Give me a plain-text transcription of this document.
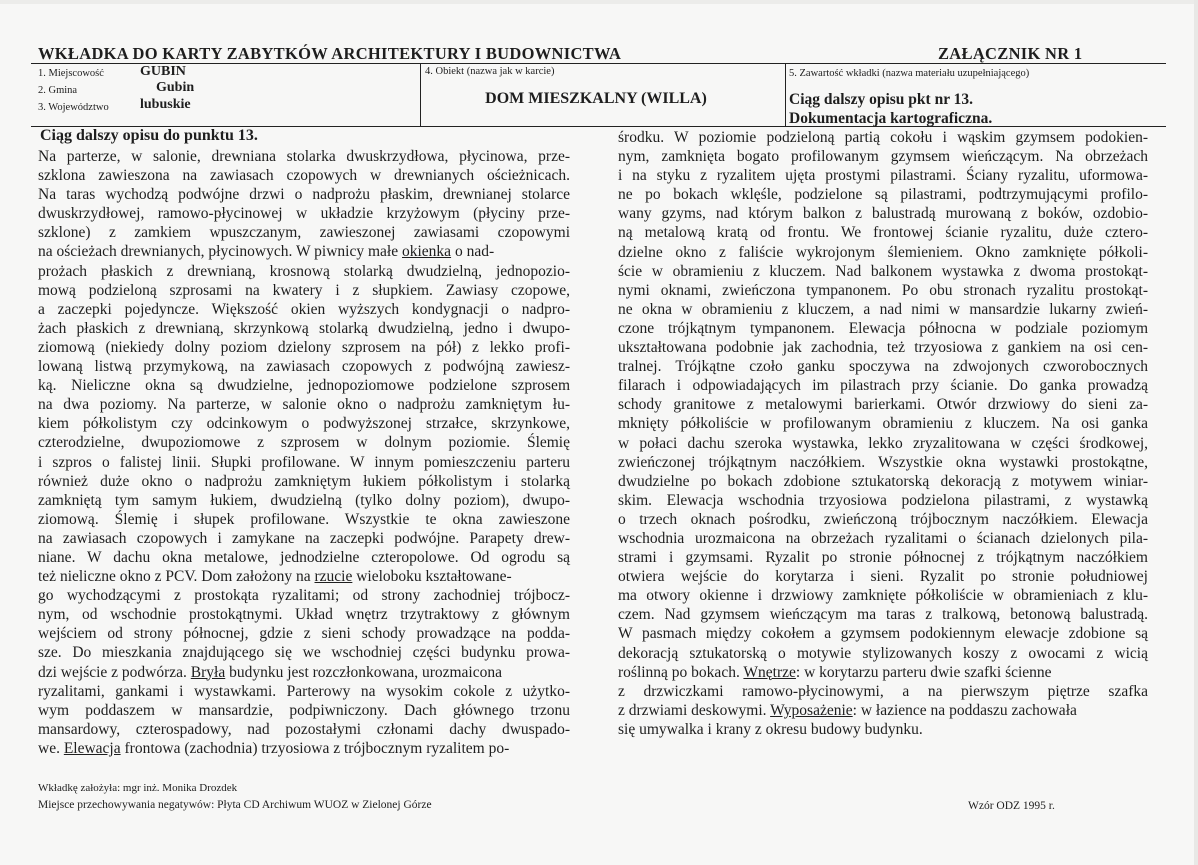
WKŁADKA DO KARTY ZABYTKÓW ARCHITEKTURY I BUDOWNICTWA	ZAŁĄCZNIK NR 1
1. Miejscowość	GUBIN
2. Gmina	Gubin
3. Województwo lubuskie
4. Obiekt (nazwa jak w karcie)
DOM MIESZKALNY (WILLA)
5. Zawartość wkładki (nazwa materiału uzupełniającego)
Ciąg dalszy opisu pkt nr 13.
Dokumentacja kartograficzna.
Ciąg dalszy opisu do punktu 13.
Na parterze, w salonie, drewniana stolarka dwuskrzydłowa, płycinowa, prze-
szklona zawieszona na zawiasach czopowych w drewnianych ościeżnicach.
Na taras wychodzą podwójne drzwi o nadprożu płaskim, drewnianej stolarce
dwuskrzydłowej, ramowo-płycinowej w układzie krzyżowym (płyciny prze-
szklone) z zamkiem wpuszczanym, zawieszonej zawiasami czopowymi
na ościeżach drewnianych, płycinowych. W piwnicy małe okienka o nad-
prożach płaskich z drewnianą, krosnową stolarką dwudzielną, jednopozio-
mową podzieloną szprosami na kwatery i z słupkiem. Zawiasy czopowe,
a zaczepki pojedyncze. Większość okien wyższych kondygnacji o nadpro-
żach płaskich z drewnianą, skrzynkową stolarką dwudzielną, jedno i dwupo-
ziomową (niekiedy dolny poziom dzielony szprosem na pół) z lekko profi-
lowaną listwą przymykową, na zawiasach czopowych z podwójną zawiesz-
ką. Nieliczne okna są dwudzielne, jednopoziomowe podzielone szprosem
na dwa poziomy. Na parterze, w salonie okno o nadprożu zamkniętym łu-
kiem półkolistym czy odcinkowym o podwyższonej strzałce, skrzynkowe,
czterodzielne, dwupoziomowe z szprosem w dolnym poziomie. Ślemię
i szpros o falistej linii. Słupki profilowane. W innym pomieszczeniu parteru
również duże okno o nadprożu zamkniętym łukiem półkolistym i stolarką
zamkniętą tym samym łukiem, dwudzielną (tylko dolny poziom), dwupo-
ziomową. Ślemię i słupek profilowane. Wszystkie te okna zawieszone
na zawiasach czopowych i zamykane na zaczepki podwójne. Parapety drew-
niane. W dachu okna metalowe, jednodzielne czteropolowe. Od ogrodu są
też nieliczne okno z PCV. Dom założony na rzucie wieloboku kształtowane-
go wychodzącymi z prostokąta ryzalitami; od strony zachodniej trójbocz-
nym, od wschodnie prostokątnymi. Układ wnętrz trzytraktowy z głównym
wejściem od strony północnej, gdzie z sieni schody prowadzące na podda-
sze. Do mieszkania znajdującego się we wschodniej części budynku prowa-
dzi wejście z podwórza. Bryła budynku jest rozczłonkowana, urozmaicona
ryzalitami, gankami i wystawkami. Parterowy na wysokim cokole z użytko-
wym poddaszem w mansardzie, podpiwniczony. Dach głównego trzonu
mansardowy, czterospadowy, nad pozostałymi członami dachy dwuspado-
we. Elewacja frontowa (zachodnia) trzyosiowa z trójbocznym ryzalitem po-
Wkładkę założyła: mgr inż. Monika Drozdek
środku. W poziomie podzieloną partią cokołu i wąskim gzymsem podokien-
nym, zamknięta bogato profilowanym gzymsem wieńczącym. Na obrzeżach
i na styku z ryzalitem ujęta prostymi pilastrami. Ściany ryzalitu, uformowa-
ne po bokach wklęśle, podzielone są pilastrami, podtrzymującymi profilo-
wany gzyms, nad którym balkon z balustradą murowaną z boków, ozdobio-
ną metalową kratą od frontu. We frontowej ścianie ryzalitu, duże cztero-
dzielne okno z faliście wykrojonym ślemieniem. Okno zamknięte półkoli-
ście w obramieniu z kluczem. Nad balkonem wystawka z dwoma prostokąt-
nymi oknami, zwieńczona tympanonem. Po obu stronach ryzalitu prostokąt-
ne okna w obramieniu z kluczem, a nad nimi w mansardzie lukarny zwień-
czone trójkątnym tympanonem. Elewacja północna w podziale poziomym
ukształtowana podobnie jak zachodnia, też trzyosiowa z gankiem na osi cen-
tralnej. Trójkątne czoło ganku spoczywa na zdwojonych czworobocznych
filarach i odpowiadających im pilastrach przy ścianie. Do ganka prowadzą
schody granitowe z metalowymi barierkami. Otwór drzwiowy do sieni za-
mknięty półkoliście w profilowanym obramieniu z kluczem. Na osi ganka
w połaci dachu szeroka wystawka, lekko zryzalitowana w części środkowej,
zwieńczonej trójkątnym naczółkiem. Wszystkie okna wystawki prostokątne,
dwudzielne po bokach zdobione sztukatorską dekoracją z motywem winiar-
skim. Elewacja wschodnia trzyosiowa podzielona pilastrami, z wystawką
o trzech oknach pośrodku, zwieńczoną trójbocznym naczółkiem. Elewacja
wschodnia urozmaicona na obrzeżach ryzalitami o ścianach dzielonych pila-
strami i gzymsami. Ryzalit po stronie północnej z trójkątnym naczółkiem
otwiera wejście do korytarza i sieni. Ryzalit po stronie południowej
ma otwory okienne i drzwiowy zamknięte półkoliście w obramieniach z klu-
czem. Nad gzymsem wieńczącym ma taras z tralkową, betonową balustradą.
W pasmach między cokołem a gzymsem podokiennym elewacje zdobione są
dekoracją sztukatorską o motywie stylizowanych koszy z owocami z wicią
roślinną po bokach. Wnętrze: w korytarzu parteru dwie szafki ścienne
z drzwiczkami ramowo-płycinowymi, a na pierwszym piętrze szafka
z drzwiami deskowymi. Wyposażenie: w łazience na poddaszu zachowała
się umywalka i krany z okresu budowy budynku.
Miejsce przechowywania negatywów: Płyta CD Archiwum WUOZ w Zielonej Górze	Wzór ODZ 1995 r.
